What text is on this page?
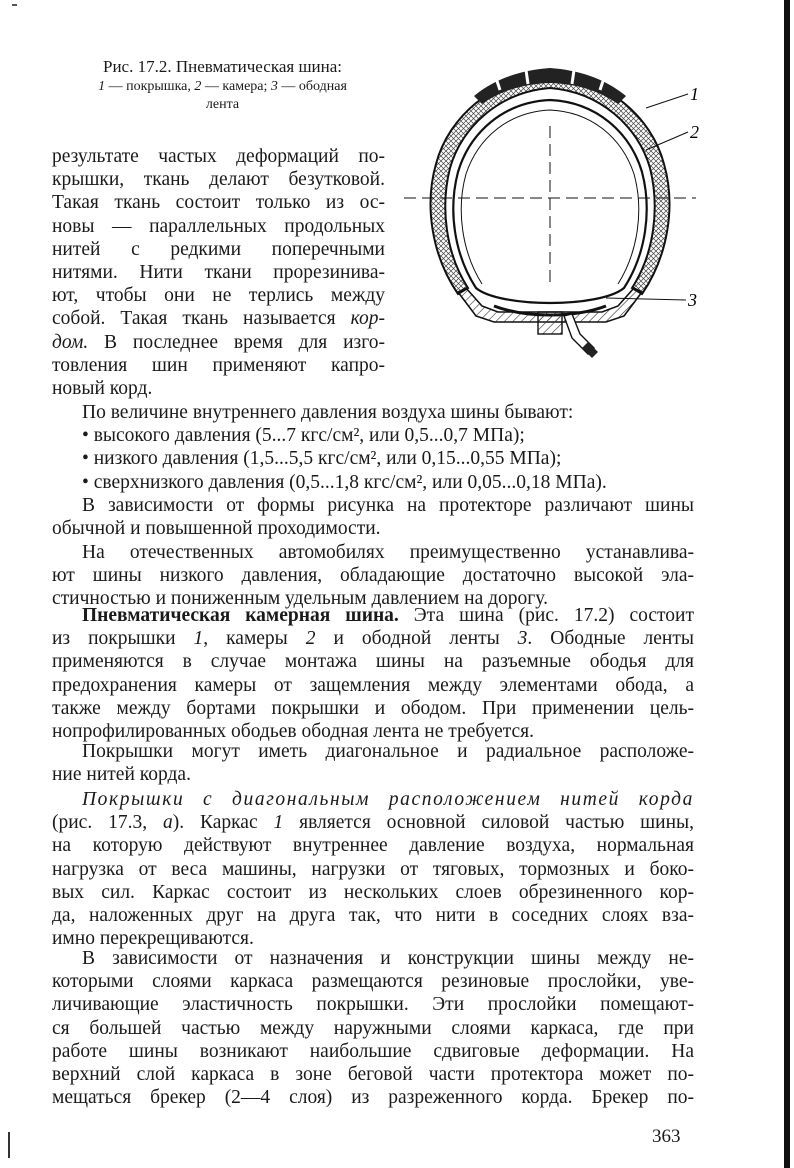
Рис. 17.2. Пневматическая шина:
1 — покрышка, 2 — камера; 3 — ободная
лента
1
2
3
результате частых деформаций по-
крышки, ткань делают безутковой.
Такая ткань состоит только из ос-
новы — параллельных продольных
нитей с редкими поперечными
нитями. Нити ткани прорезинива-
ют, чтобы они не терлись между
собой. Такая ткань называется кор-
дом. В последнее время для изго-
товления шин применяют капро-
новый корд.
По величине внутреннего давления воздуха шины бывают:
• высокого давления (5...7 кгс/см², или 0,5...0,7 МПа);
• низкого давления (1,5...5,5 кгс/см², или 0,15...0,55 МПа);
• сверхнизкого давления (0,5...1,8 кгс/см², или 0,05...0,18 МПа).
В зависимости от формы рисунка на протекторе различают шины
обычной и повышенной проходимости.
На отечественных автомобилях преимущественно устанавлива-
ют шины низкого давления, обладающие достаточно высокой эла-
стичностью и пониженным удельным давлением на дорогу.
Пневматическая камерная шина. Эта шина (рис. 17.2) состоит
из покрышки 1, камеры 2 и ободной ленты 3. Ободные ленты
применяются в случае монтажа шины на разъемные ободья для
предохранения камеры от защемления между элементами обода, а
также между бортами покрышки и ободом. При применении цель-
нопрофилированных ободьев ободная лента не требуется.
Покрышки могут иметь диагональное и радиальное расположе-
ние нитей корда.
Покрышки с диагональным расположением нитей корда
(рис. 17.3, а). Каркас 1 является основной силовой частью шины,
на которую действуют внутреннее давление воздуха, нормальная
нагрузка от веса машины, нагрузки от тяговых, тормозных и боко-
вых сил. Каркас состоит из нескольких слоев обрезиненного кор-
да, наложенных друг на друга так, что нити в соседних слоях вза-
имно перекрещиваются.
В зависимости от назначения и конструкции шины между не-
которыми слоями каркаса размещаются резиновые прослойки, уве-
личивающие эластичность покрышки. Эти прослойки помещают-
ся большей частью между наружными слоями каркаса, где при
работе шины возникают наибольшие сдвиговые деформации. На
верхний слой каркаса в зоне беговой части протектора может по-
мещаться брекер (2—4 слоя) из разреженного корда. Брекер по-
363
